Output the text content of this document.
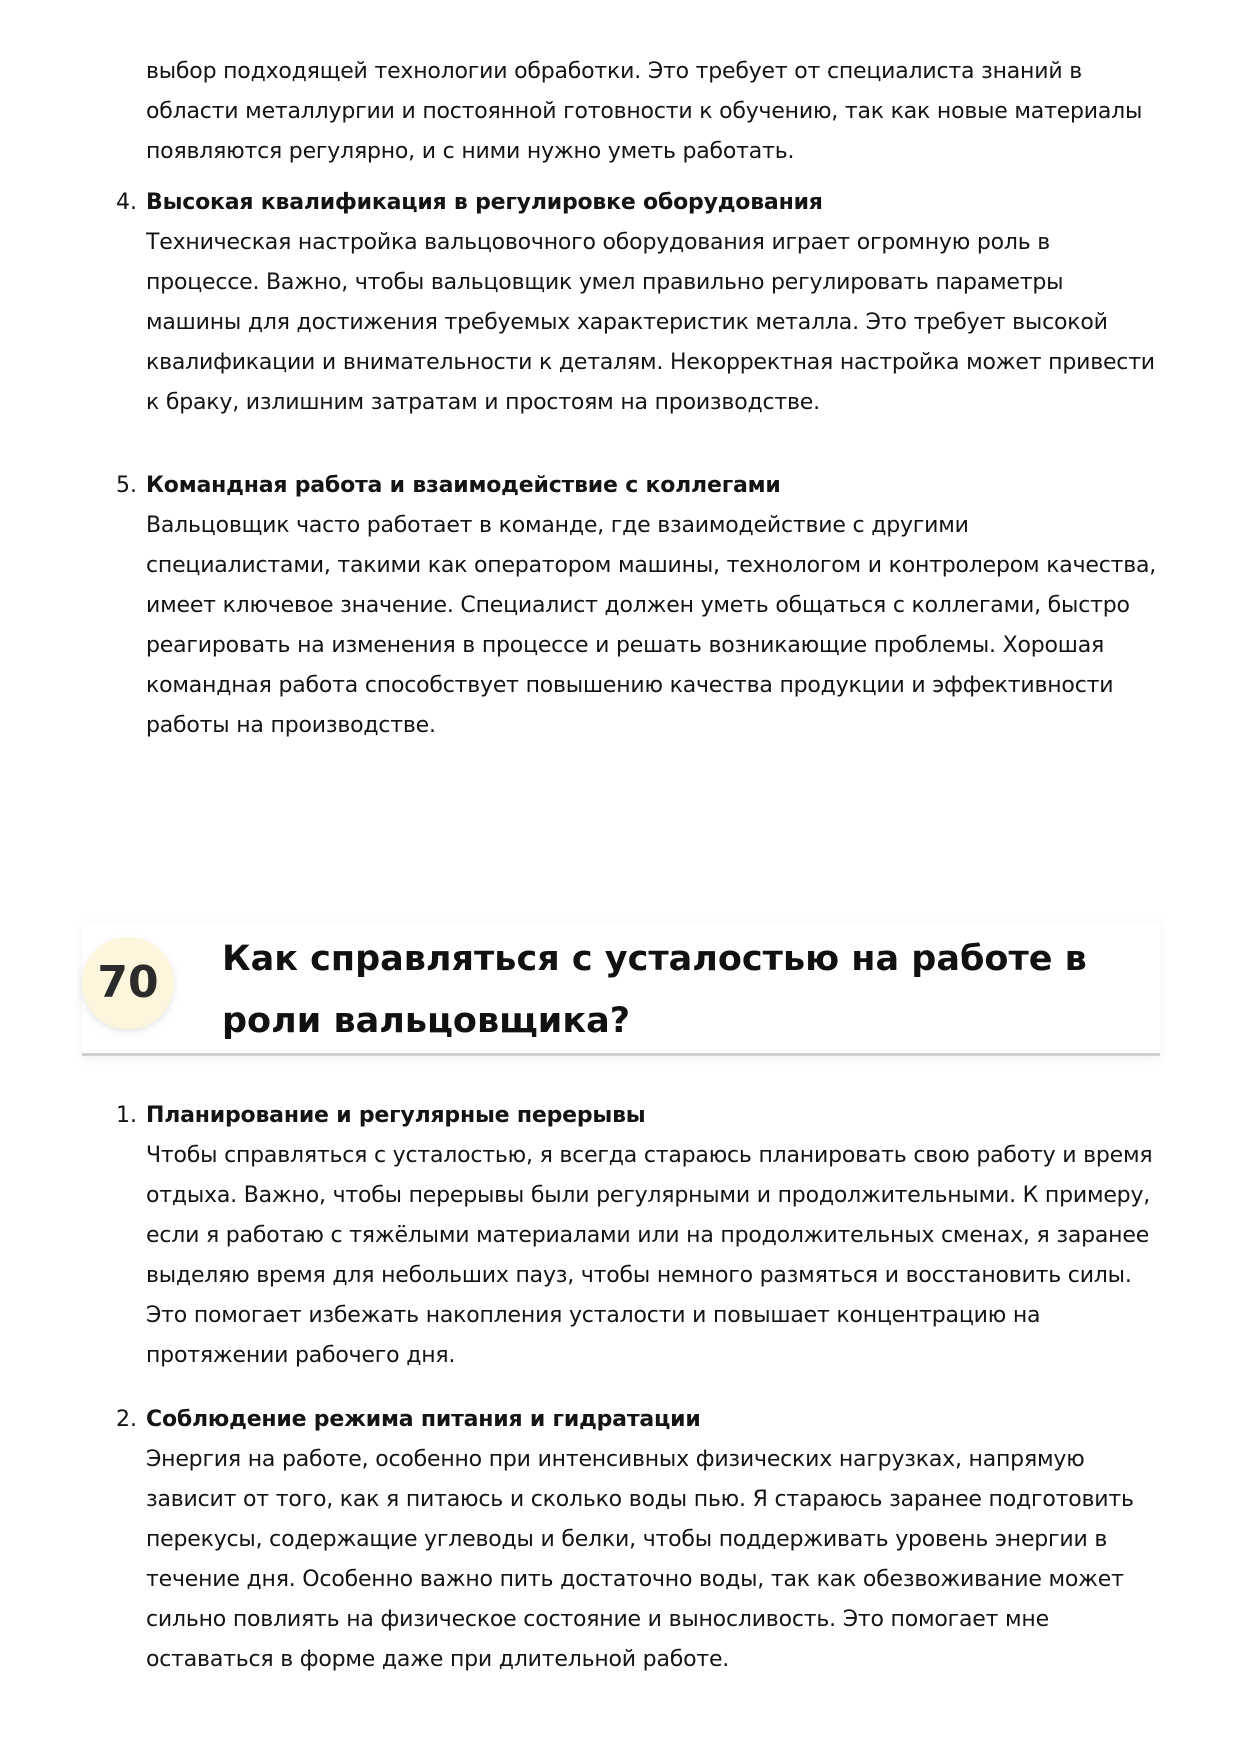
выбор подходящей технологии обработки. Это требует от специалиста знаний в области металлургии и постоянной готовности к обучению, так как новые материалы появляются регулярно, и с ними нужно уметь работать.

4. Высокая квалификация в регулировке оборудования
Техническая настройка вальцовочного оборудования играет огромную роль в процессе. Важно, чтобы вальцовщик умел правильно регулировать параметры машины для достижения требуемых характеристик металла. Это требует высокой квалификации и внимательности к деталям. Некорректная настройка может привести к браку, излишним затратам и простоям на производстве.
5. Командная работа и взаимодействие с коллегами
Вальцовщик часто работает в команде, где взаимодействие с другими специалистами, такими как оператором машины, технологом и контролером качества, имеет ключевое значение. Специалист должен уметь общаться с коллегами, быстро реагировать на изменения в процессе и решать возникающие проблемы. Хорошая командная работа способствует повышению качества продукции и эффективности работы на производстве.
70	Как справляться с усталостью на работе в роли вальцовщика?
1. Планирование и регулярные перерывы
Чтобы справляться с усталостью, я всегда стараюсь планировать свою работу и время отдыха. Важно, чтобы перерывы были регулярными и продолжительными. К примеру, если я работаю с тяжёлыми материалами или на продолжительных сменах, я заранее выделяю время для небольших пауз, чтобы немного размяться и восстановить силы. Это помогает избежать накопления усталости и повышает концентрацию на протяжении рабочего дня.
2. Соблюдение режима питания и гидратации
Энергия на работе, особенно при интенсивных физических нагрузках, напрямую зависит от того, как я питаюсь и сколько воды пью. Я стараюсь заранее подготовить перекусы, содержащие углеводы и белки, чтобы поддерживать уровень энергии в течение дня. Особенно важно пить достаточно воды, так как обезвоживание может сильно повлиять на физическое состояние и выносливость. Это помогает мне оставаться в форме даже при длительной работе.
